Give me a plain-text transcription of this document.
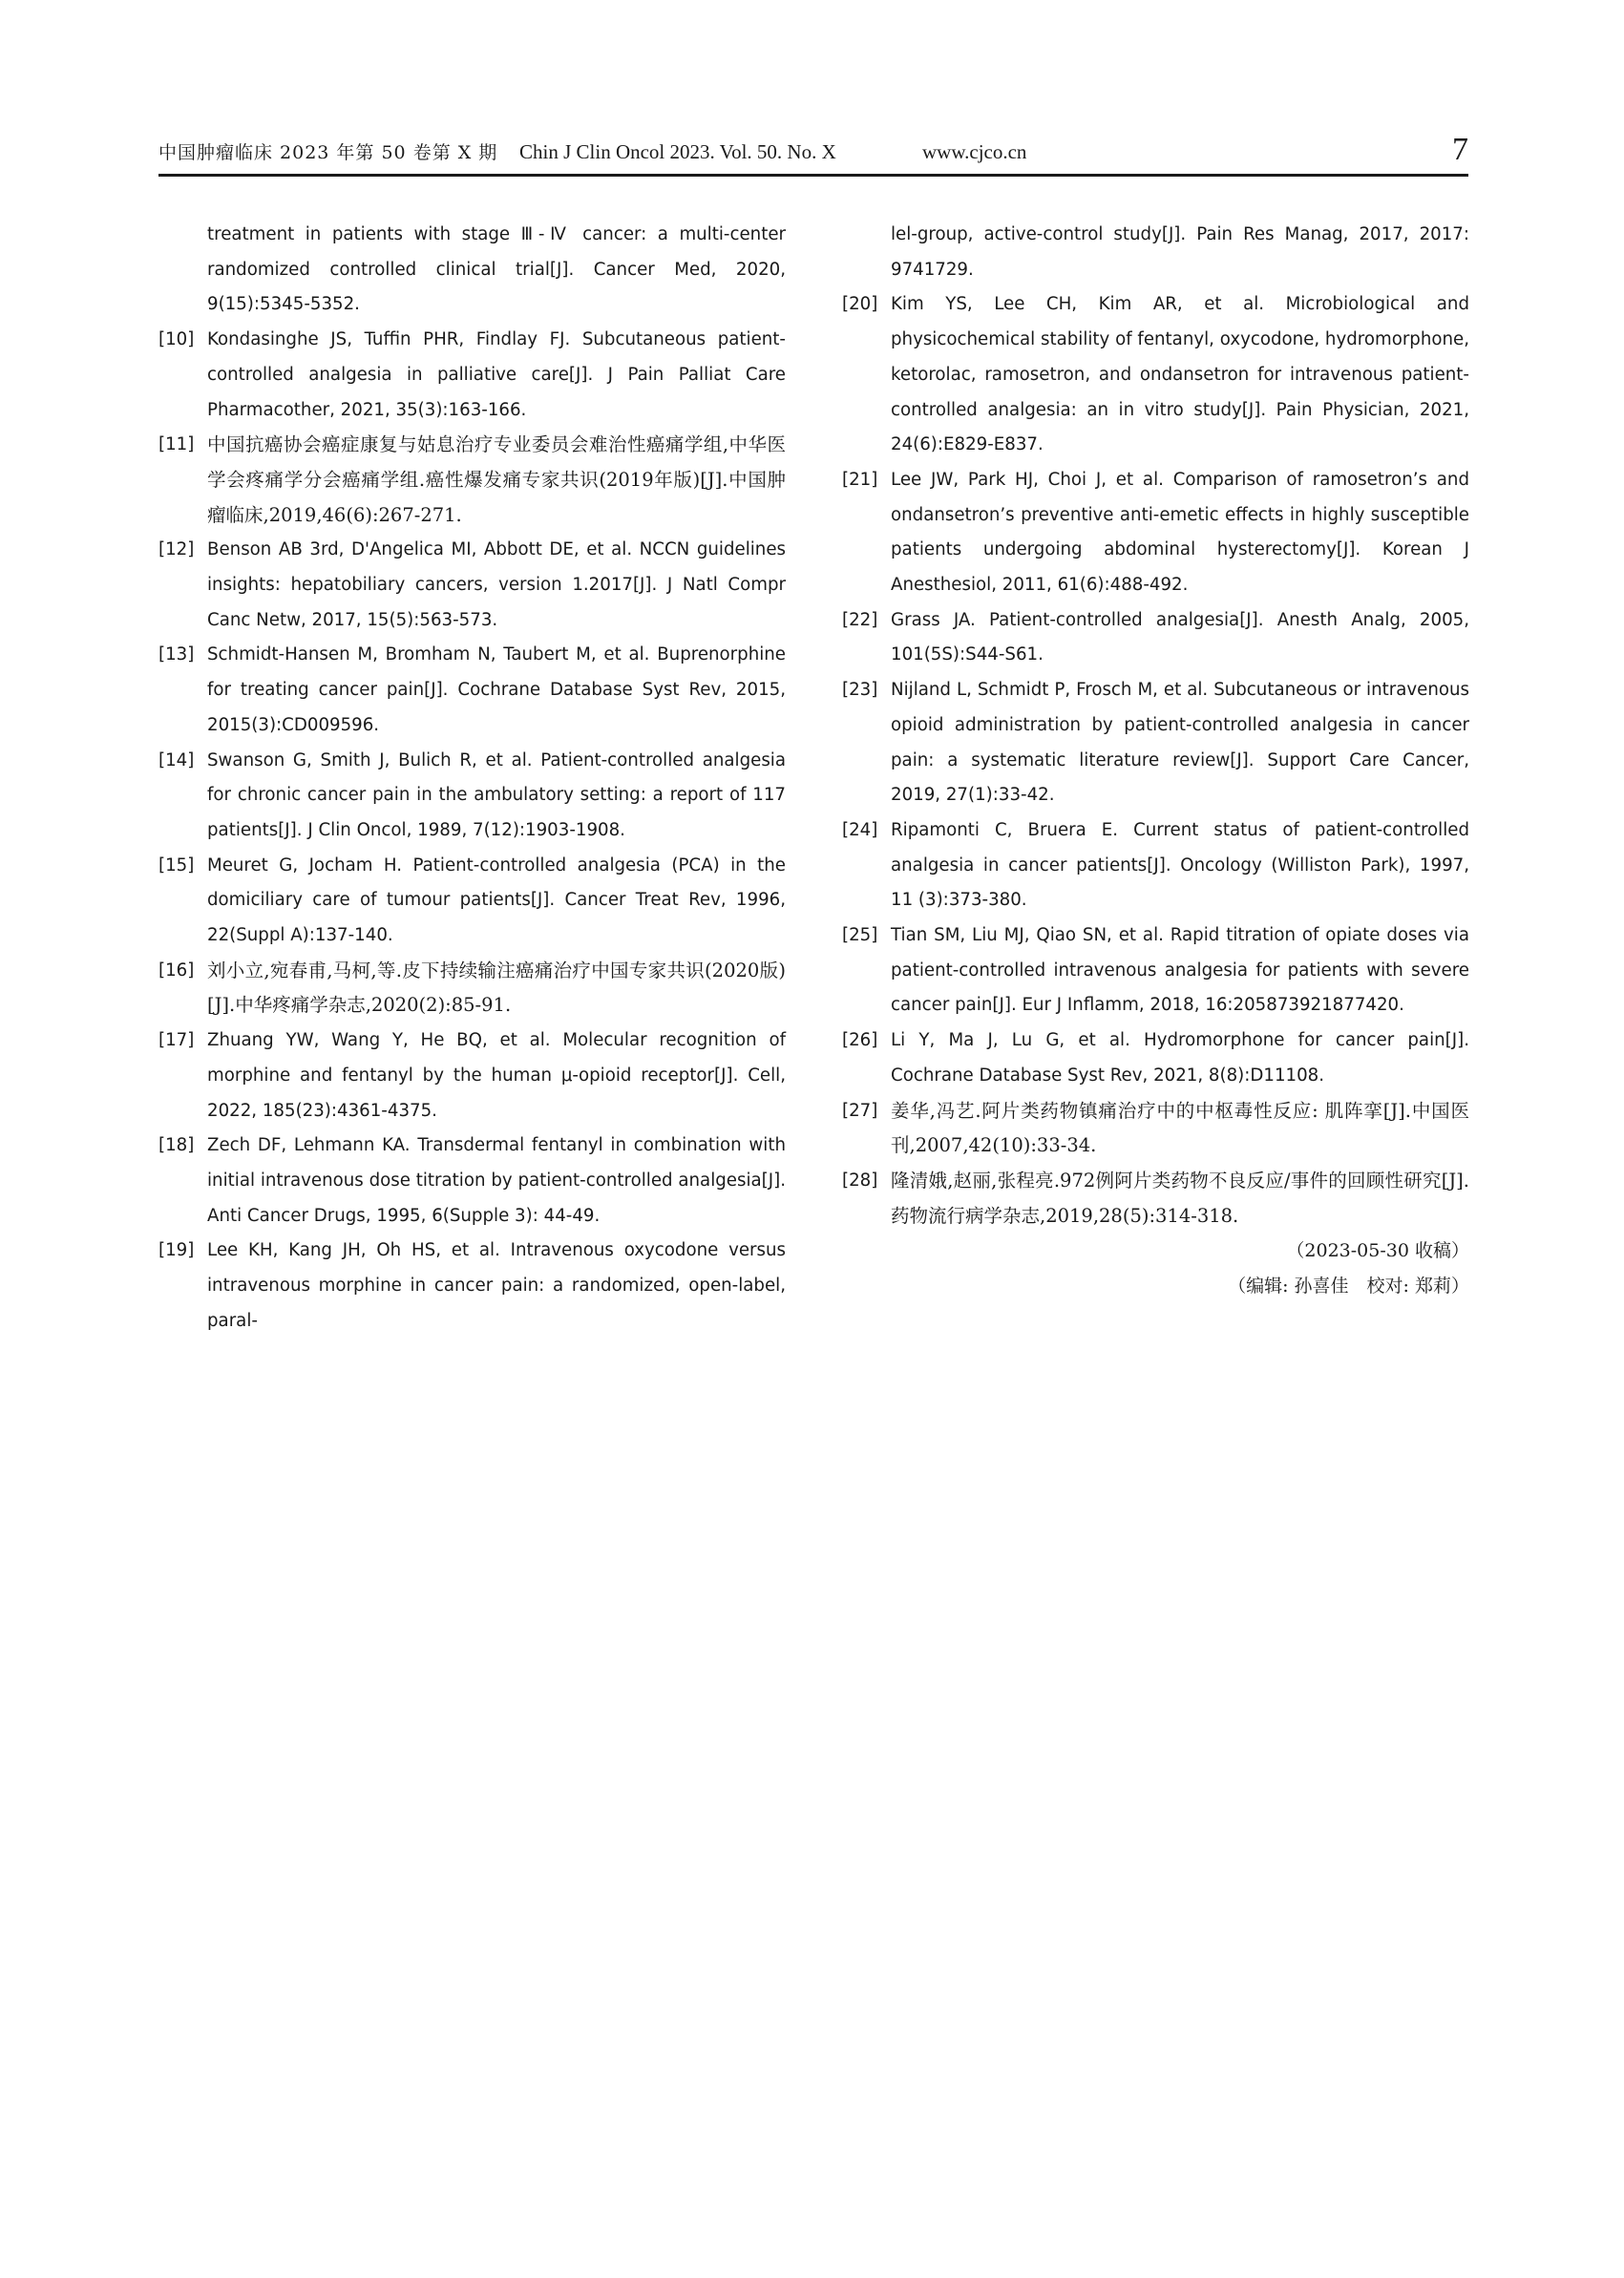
中国肿瘤临床 2023 年第 50 卷第 X 期 Chin J Clin Oncol 2023. Vol. 50. No. X	www.cjco.cn	7
treatment in patients with stage Ⅲ-Ⅳ cancer: a multi-center randomized controlled clinical trial[J]. Cancer Med, 2020, 9(15):5345-5352.
[10] Kondasinghe JS, Tuffin PHR, Findlay FJ. Subcutaneous patient-controlled analgesia in palliative care[J]. J Pain Palliat Care Pharmacother, 2021, 35(3):163-166.
[11] 中国抗癌协会癌症康复与姑息治疗专业委员会难治性癌痛学组,中华医学会疼痛学分会癌痛学组.癌性爆发痛专家共识(2019年版)[J].中国肿瘤临床,2019,46(6):267-271.
[12] Benson AB 3rd, D'Angelica MI, Abbott DE, et al. NCCN guidelines insights: hepatobiliary cancers, version 1.2017[J]. J Natl Compr Canc Netw, 2017, 15(5):563-573.
[13] Schmidt-Hansen M, Bromham N, Taubert M, et al. Buprenorphine for treating cancer pain[J]. Cochrane Database Syst Rev, 2015, 2015(3):CD009596.
[14] Swanson G, Smith J, Bulich R, et al. Patient-controlled analgesia for chronic cancer pain in the ambulatory setting: a report of 117 patients[J]. J Clin Oncol, 1989, 7(12):1903-1908.
[15] Meuret G, Jocham H. Patient-controlled analgesia (PCA) in the domiciliary care of tumour patients[J]. Cancer Treat Rev, 1996, 22(Suppl A):137-140.
[16] 刘小立,宛春甫,马柯,等.皮下持续输注癌痛治疗中国专家共识(2020版)[J].中华疼痛学杂志,2020(2):85-91.
[17] Zhuang YW, Wang Y, He BQ, et al. Molecular recognition of morphine and fentanyl by the human μ-opioid receptor[J]. Cell, 2022, 185(23):4361-4375.
[18] Zech DF, Lehmann KA. Transdermal fentanyl in combination with initial intravenous dose titration by patient-controlled analgesia[J]. Anti Cancer Drugs, 1995, 6(Supple 3): 44-49.
[19] Lee KH, Kang JH, Oh HS, et al. Intravenous oxycodone versus intravenous morphine in cancer pain: a randomized, open-label, paral-
lel-group, active-control study[J]. Pain Res Manag, 2017, 2017: 9741729.
[20] Kim YS, Lee CH, Kim AR, et al. Microbiological and physicochemical stability of fentanyl, oxycodone, hydromorphone, ketorolac, ramosetron, and ondansetron for intravenous patient-controlled analgesia: an in vitro study[J]. Pain Physician, 2021, 24(6):E829-E837.
[21] Lee JW, Park HJ, Choi J, et al. Comparison of ramosetron’s and ondansetron’s preventive anti-emetic effects in highly susceptible patients undergoing abdominal hysterectomy[J]. Korean J Anesthesiol, 2011, 61(6):488-492.
[22] Grass JA. Patient-controlled analgesia[J]. Anesth Analg, 2005, 101(5S):S44-S61.
[23] Nijland L, Schmidt P, Frosch M, et al. Subcutaneous or intravenous opioid administration by patient-controlled analgesia in cancer pain: a systematic literature review[J]. Support Care Cancer, 2019, 27(1):33-42.
[24] Ripamonti C, Bruera E. Current status of patient-controlled analgesia in cancer patients[J]. Oncology (Williston Park), 1997, 11 (3):373-380.
[25] Tian SM, Liu MJ, Qiao SN, et al. Rapid titration of opiate doses via patient-controlled intravenous analgesia for patients with severe cancer pain[J]. Eur J Inflamm, 2018, 16:205873921877420.
[26] Li Y, Ma J, Lu G, et al. Hydromorphone for cancer pain[J]. Cochrane Database Syst Rev, 2021, 8(8):D11108.
[27] 姜华,冯艺.阿片类药物镇痛治疗中的中枢毒性反应: 肌阵挛[J].中国医刊,2007,42(10):33-34.
[28] 隆清娥,赵丽,张程亮.972例阿片类药物不良反应/事件的回顾性研究[J].药物流行病学杂志,2019,28(5):314-318.
（2023-05-30 收稿）
（编辑: 孙喜佳　校对: 郑莉）
